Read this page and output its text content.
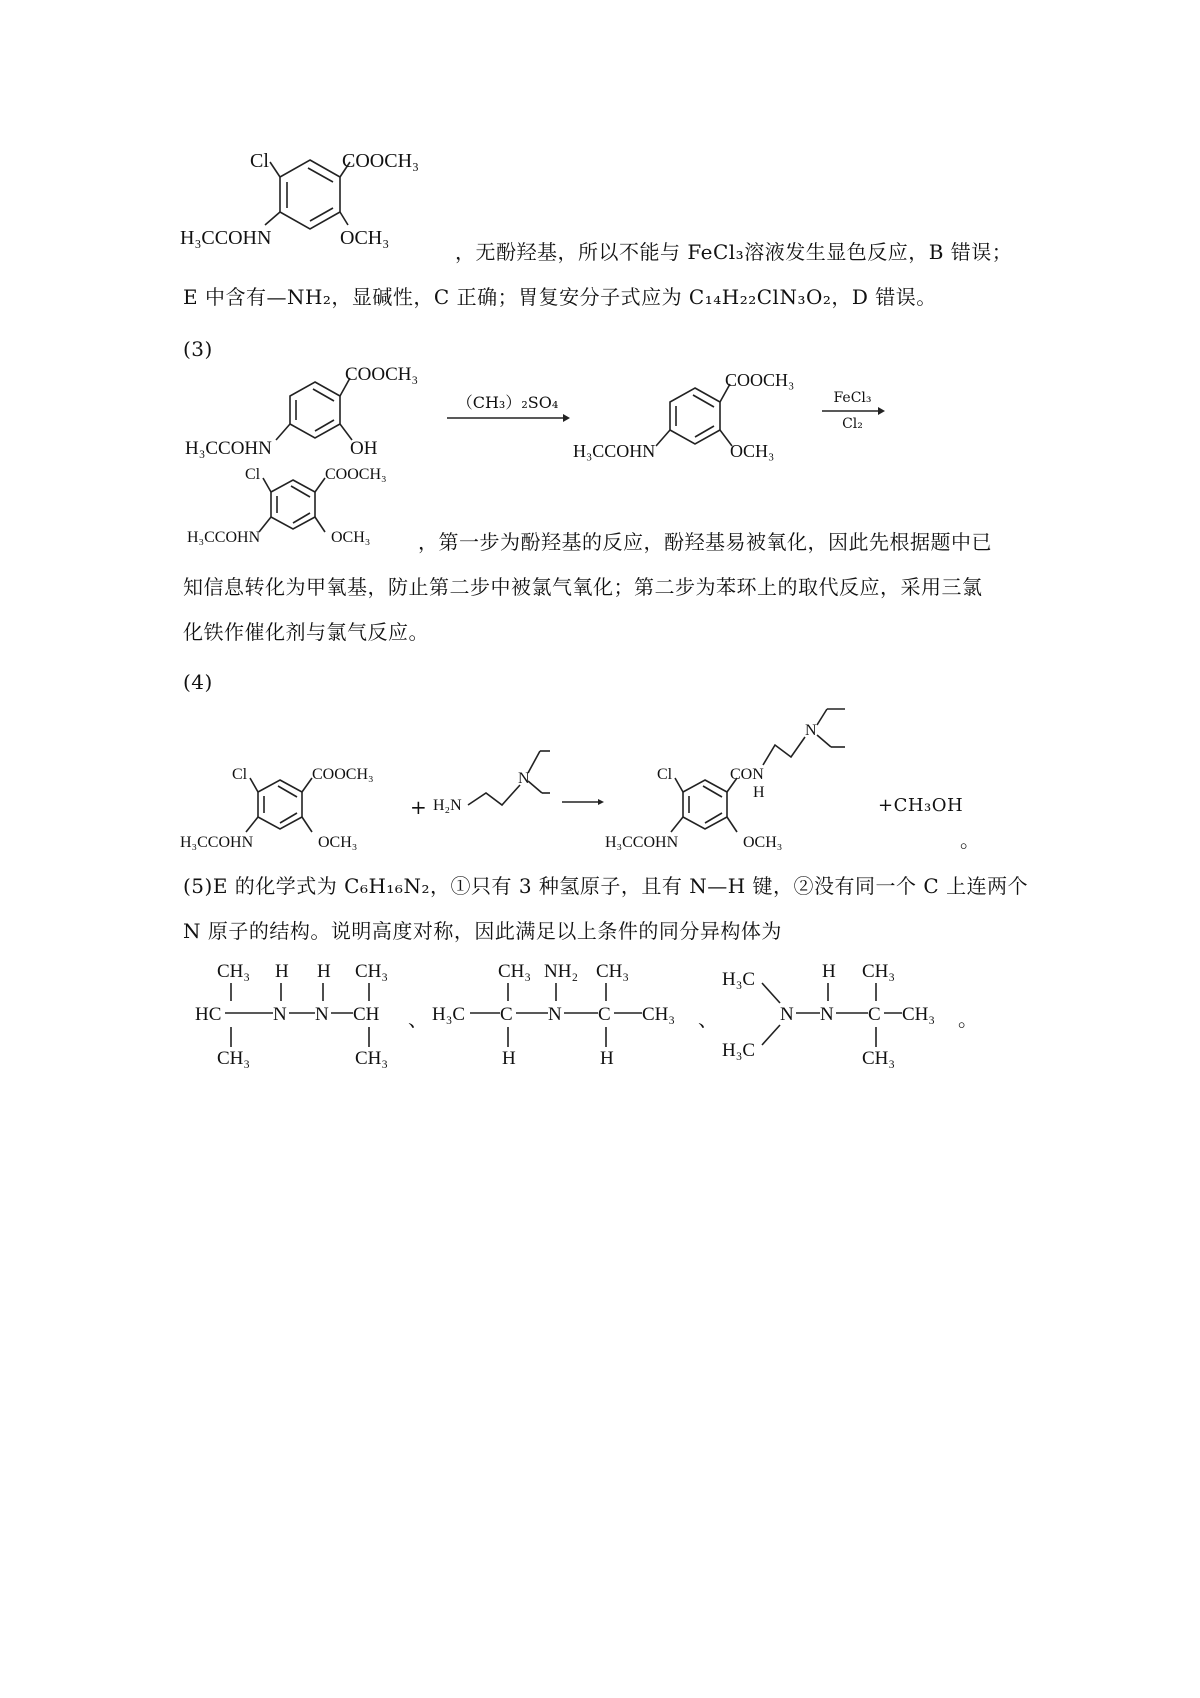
Cl	COOCH₃
H₃CCOHN	OCH₃
，无酚羟基，所以不能与 FeCl₃溶液发生显色反应，B 错误；
E 中含有—NH₂，显碱性，C 正确；胃复安分子式应为 C₁₄H₂₂ClN₃O₂，D 错误。
(3)
COOCH₃
H₃CCOHN	OH
（CH₃）₂SO₄
COOCH₃
H₃CCOHN	OCH₃
FeCl₃
Cl₂
Cl	COOCH₃
H₃CCOHN	OCH₃ ，第一步为酚羟基的反应，酚羟基易被氧化，因此先根据题中已
知信息转化为甲氧基，防止第二步中被氯气氧化；第二步为苯环上的取代反应，采用三氯
化铁作催化剂与氯气反应。
(4)
Cl	COOCH₃
H₃CCOHN	OCH₃
+ H₂N
N	Cl	CON
H
N
H₃CCOHN	OCH₃
+CH₃OH
。
(5)E 的化学式为 C₆H₁₆N₂，①只有 3 种氢原子，且有 N—H 键，②没有同一个 C 上连两个
N 原子的结构。说明高度对称，因此满足以上条件的同分异构体为
CH₃ H H CH₃
HC	N N CH
CH₃	CH₃
、
CH₃ NH₂ CH₃
H₃C C N C CH₃
H	H
、
H₃C	H CH₃
N N C CH₃
H₃C	CH₃
。
